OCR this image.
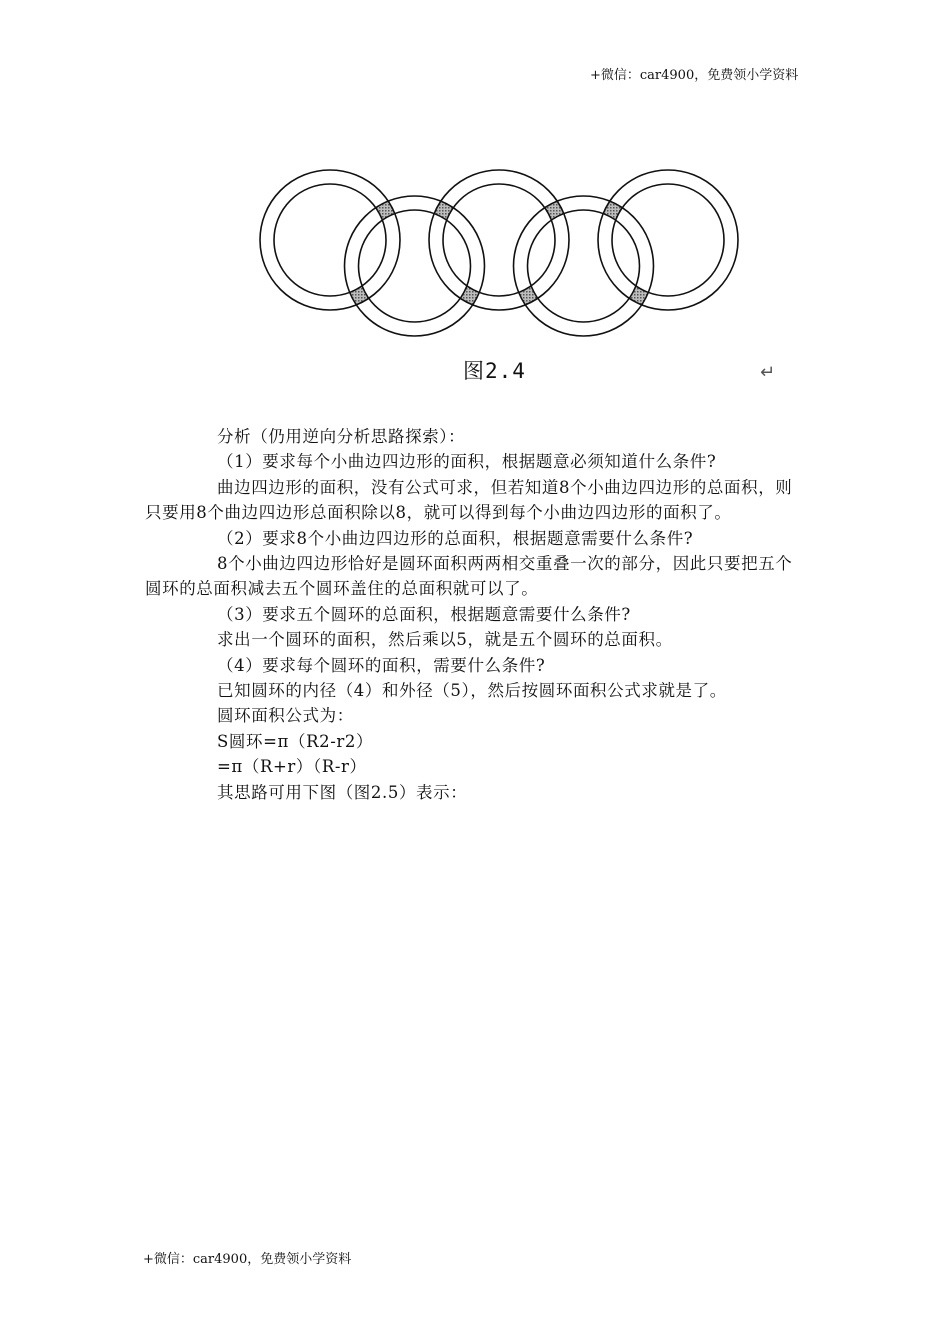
+微信：car4900，免费领小学资料
图2.4	↵

分析（仍用逆向分析思路探索）：

（1）要求每个小曲边四边形的面积，根据题意必须知道什么条件?

曲边四边形的面积，没有公式可求，但若知道8个小曲边四边形的总面积，则只要用8个曲边四边形总面积除以8，就可以得到每个小曲边四边形的面积了。

（2）要求8个小曲边四边形的总面积，根据题意需要什么条件?

8个小曲边四边形恰好是圆环面积两两相交重叠一次的部分，因此只要把五个圆环的总面积减去五个圆环盖住的总面积就可以了。

（3）要求五个圆环的总面积，根据题意需要什么条件?

求出一个圆环的面积，然后乘以5，就是五个圆环的总面积。

（4）要求每个圆环的面积，需要什么条件?

已知圆环的内径（4）和外径（5），然后按圆环面积公式求就是了。

圆环面积公式为：

S圆环=π（R2-r2）

=π（R+r）（R-r）

其思路可用下图（图2.5）表示：

+微信：car4900，免费领小学资料
